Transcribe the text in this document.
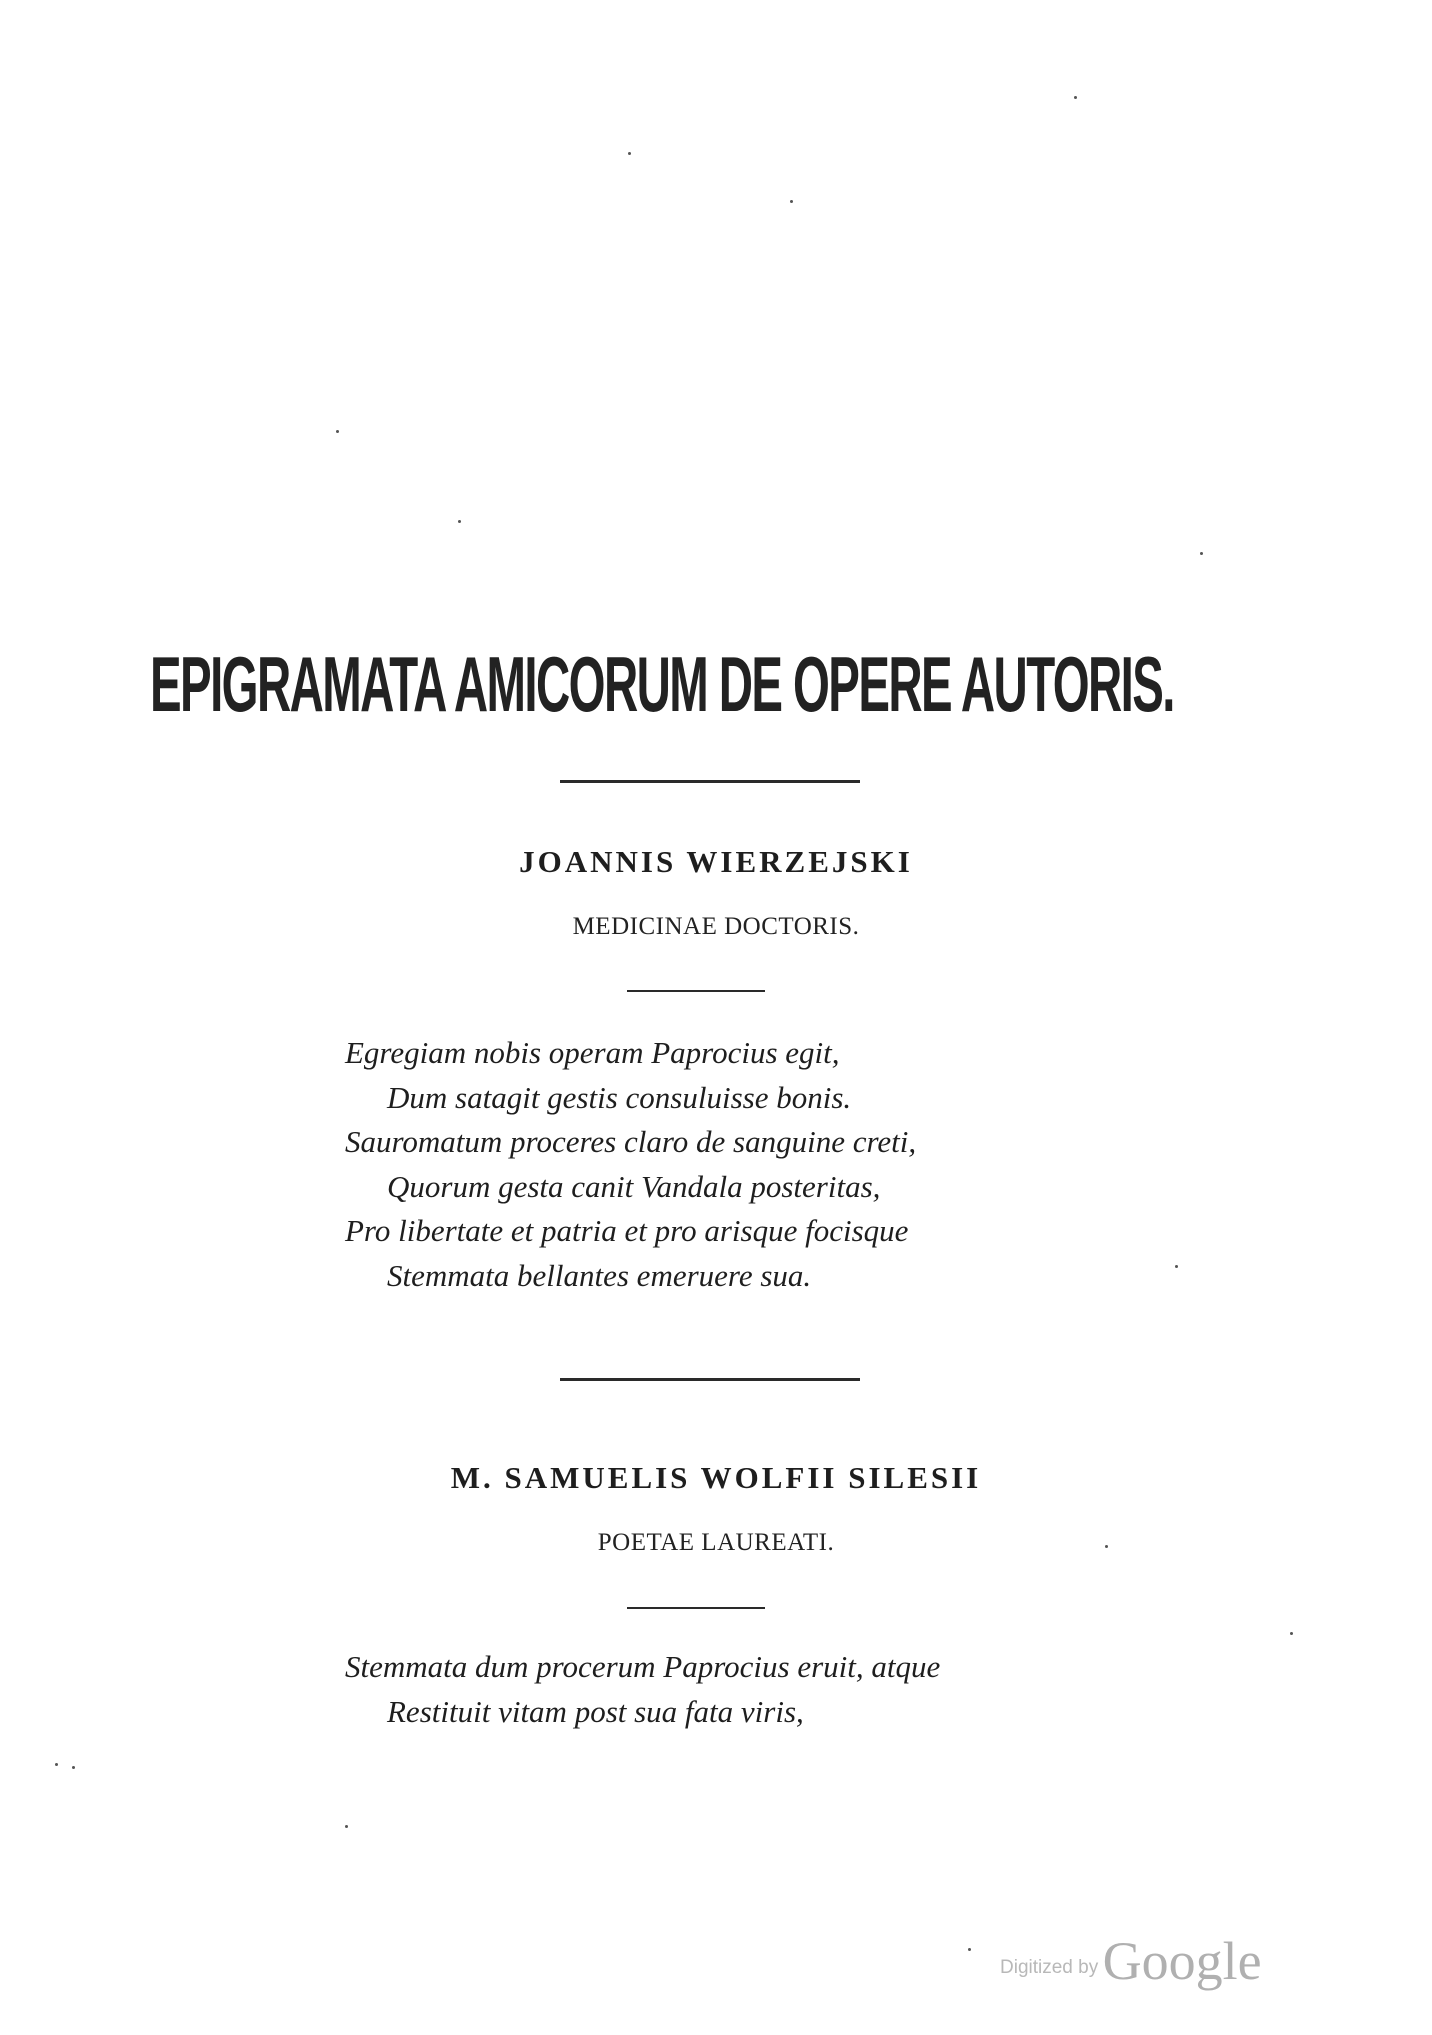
EPIGRAMATA AMICORUM DE OPERE AUTORIS.
JOANNIS WIERZEJSKI

MEDICINAE DOCTORIS.

Egregiam nobis operam Paprocius egit,
Dum satagit gestis consuluisse bonis.
Sauromatum proceres claro de sanguine creti,
Quorum gesta canit Vandala posteritas,
Pro libertate et patria et pro arisque focisque
Stemmata bellantes emeruere sua.
M. SAMUELIS WOLFII SILESII

POETAE LAUREATI.

Stemmata dum procerum Paprocius eruit, atque
Restituit vitam post sua fata viris,
Digitized by Google
